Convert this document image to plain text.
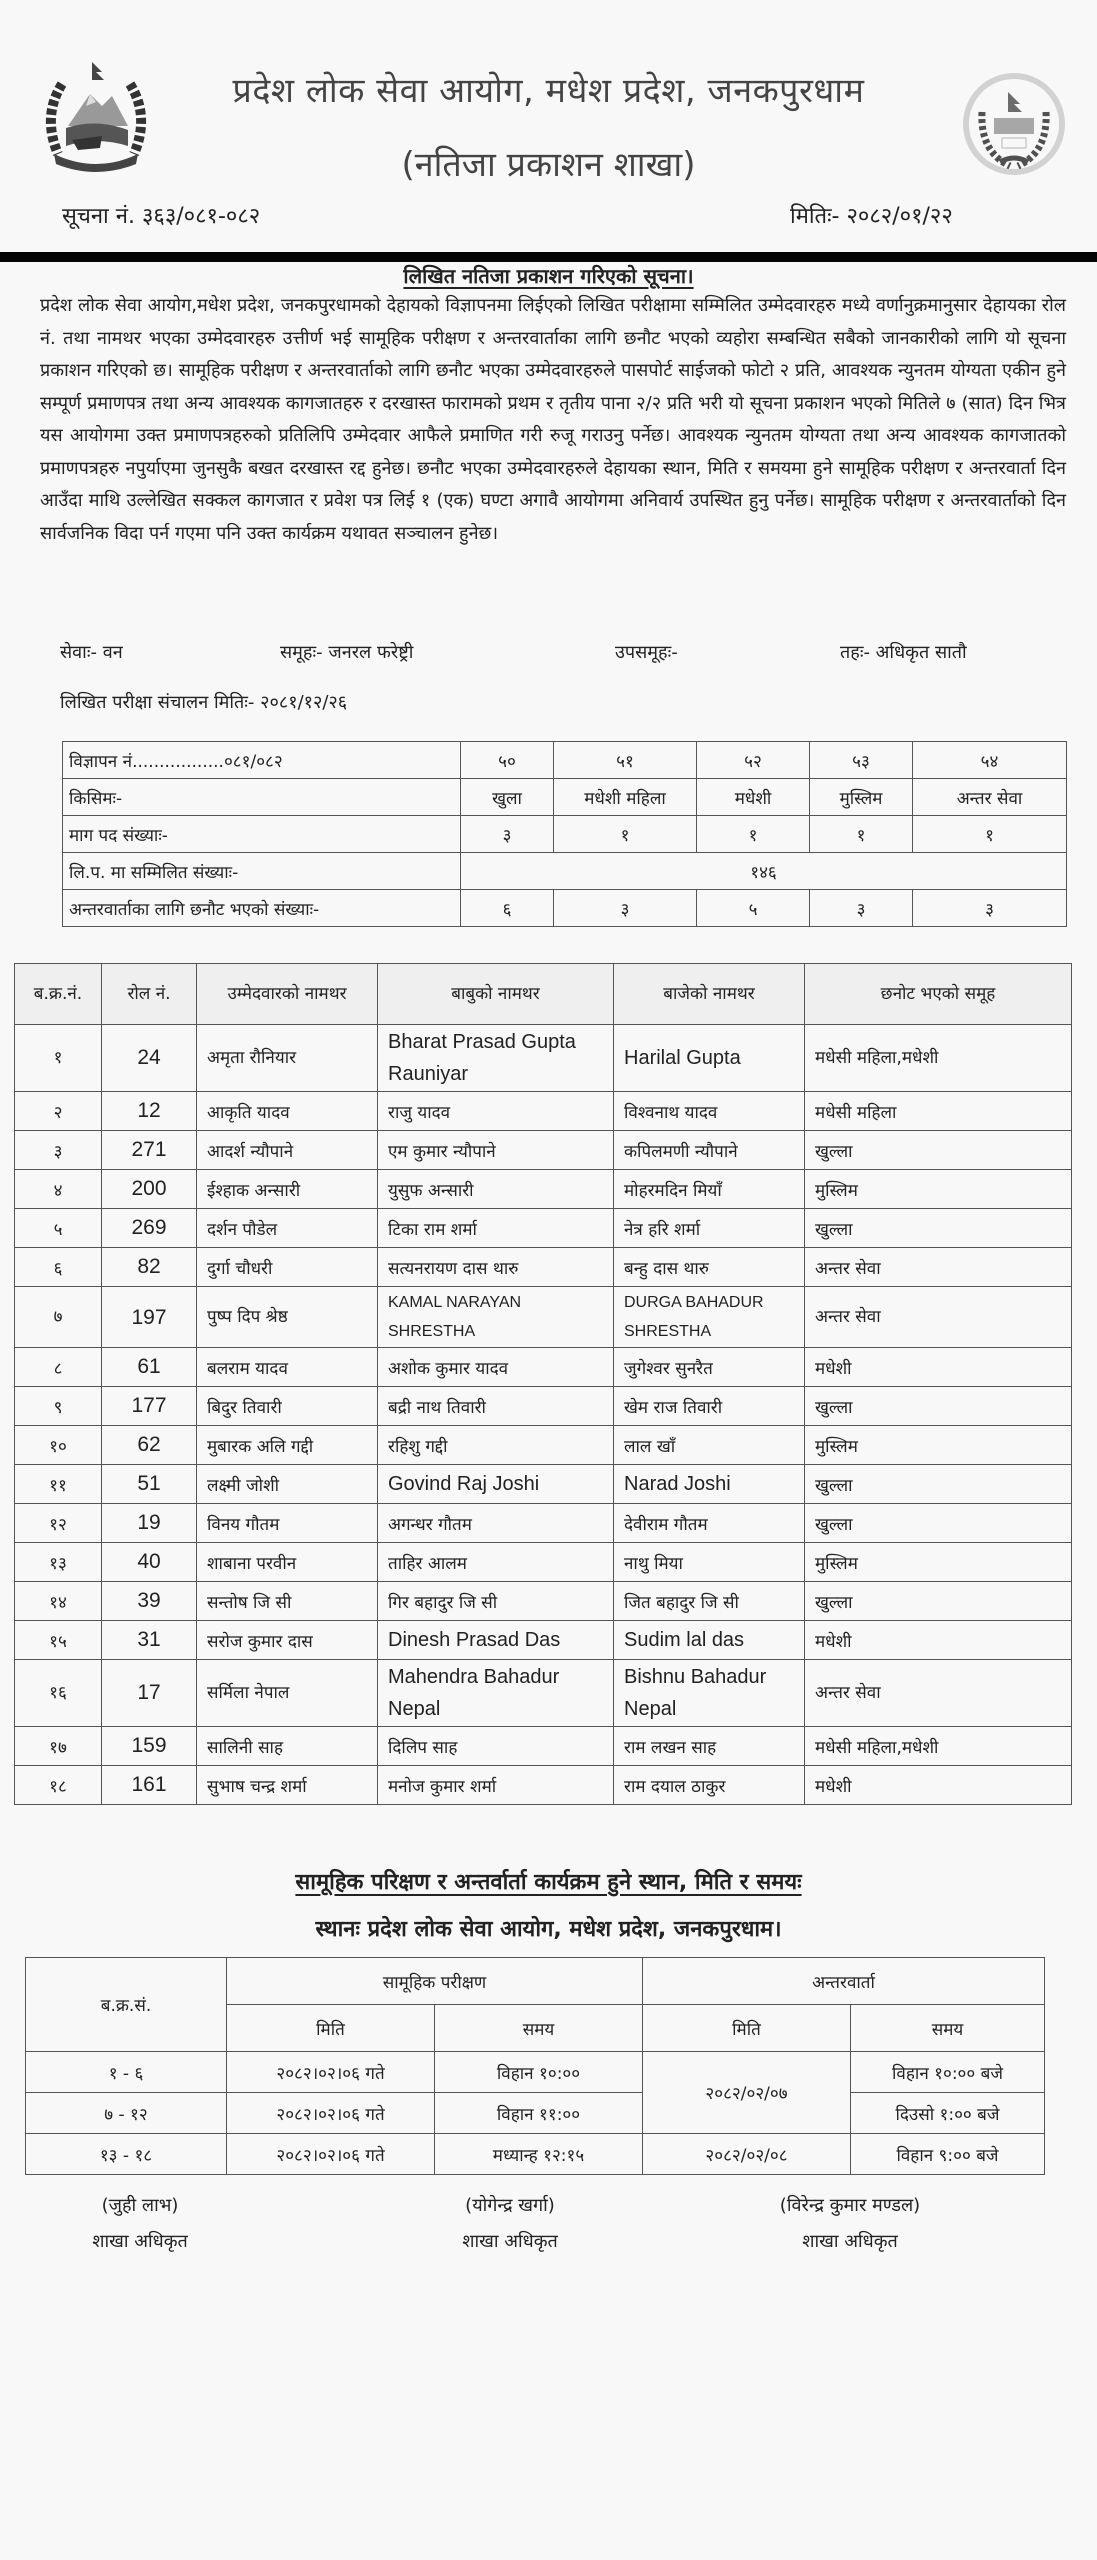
प्रदेश लोक सेवा आयोग, मधेश प्रदेश, जनकपुरधाम
(नतिजा प्रकाशन शाखा)
सूचना नं. ३६३/०८१-०८२	मितिः- २०८२/०१/२२
लिखित नतिजा प्रकाशन गरिएको सूचना।
प्रदेश लोक सेवा आयोग,मधेश प्रदेश, जनकपुरधामको देहायको विज्ञापनमा लिईएको लिखित परीक्षामा सम्मिलित उम्मेदवारहरु मध्ये वर्णानुक्रमानुसार देहायका रोल नं. तथा नामथर भएका उम्मेदवारहरु उत्तीर्ण भई सामूहिक परीक्षण र अन्तरवार्ताका लागि छनौट भएको व्यहोरा सम्बन्धित सबैको जानकारीको लागि यो सूचना प्रकाशन गरिएको छ। सामूहिक परीक्षण र अन्तरवार्ताको लागि छनौट भएका उम्मेदवारहरुले पासपोर्ट साईजको फोटो २ प्रति, आवश्यक न्युनतम योग्यता एकीन हुने सम्पूर्ण प्रमाणपत्र तथा अन्य आवश्यक कागजातहरु र दरखास्त फारामको प्रथम र तृतीय पाना २/२ प्रति भरी यो सूचना प्रकाशन भएको मितिले ७ (सात) दिन भित्र यस आयोगमा उक्त प्रमाणपत्रहरुको प्रतिलिपि उम्मेदवार आफैले प्रमाणित गरी रुजू गराउनु पर्नेछ। आवश्यक न्युनतम योग्यता तथा अन्य आवश्यक कागजातको प्रमाणपत्रहरु नपुर्याएमा जुनसुकै बखत दरखास्त रद्द हुनेछ। छनौट भएका उम्मेदवारहरुले देहायका स्थान, मिति र समयमा हुने सामूहिक परीक्षण र अन्तरवार्ता दिन आउँदा माथि उल्लेखित सक्कल कागजात र प्रवेश पत्र लिई १ (एक) घण्टा अगावै आयोगमा अनिवार्य उपस्थित हुनु पर्नेछ। सामूहिक परीक्षण र अन्तरवार्ताको दिन सार्वजनिक विदा पर्न गएमा पनि उक्त कार्यक्रम यथावत सञ्चालन हुनेछ।
सेवाः- वन	समूहः- जनरल फरेष्ट्री	उपसमूहः-	तहः- अधिकृत सातौ
लिखित परीक्षा संचालन मितिः- २०८१/१२/२६
विज्ञापन नं.................०८१/०८२	५०	५१	५२	५३	५४
किसिमः-	खुला	मधेशी महिला	मधेशी	मुस्लिम	अन्तर सेवा
माग पद संख्याः-	३	१	१	१	१
लि.प. मा सम्मिलित संख्याः-	१४६				
अन्तरवार्ताका लागि छनौट भएको संख्याः-	६	३	५	३	३
ब.क्र.नं.	रोल नं.	उम्मेदवारको नामथर	बाबुको नामथर	बाजेको नामथर	छनोट भएको समूह
१	24	अमृता रौनियार	Bharat Prasad Gupta Rauniyar	Harilal Gupta	मधेसी महिला,मधेशी
२	12	आकृति यादव	राजु यादव	विश्वनाथ यादव	मधेसी महिला
३	271	आदर्श न्यौपाने	एम कुमार न्यौपाने	कपिलमणी न्यौपाने	खुल्ला
४	200	ईश्हाक अन्सारी	युसुफ अन्सारी	मोहरमदिन मियाँ	मुस्लिम
५	269	दर्शन पौडेल	टिका राम शर्मा	नेत्र हरि शर्मा	खुल्ला
६	82	दुर्गा चौधरी	सत्यनरायण दास थारु	बन्हु दास थारु	अन्तर सेवा
७	197	पुष्प दिप श्रेष्ठ	KAMAL NARAYAN SHRESTHA	DURGA BAHADUR SHRESTHA	अन्तर सेवा
८	61	बलराम यादव	अशोक कुमार यादव	जुगेश्वर सुनरैत	मधेशी
९	177	बिदुर तिवारी	बद्री नाथ तिवारी	खेम राज तिवारी	खुल्ला
१०	62	मुबारक अलि गद्दी	रहिशु गद्दी	लाल खाँ	मुस्लिम
११	51	लक्ष्मी जोशी	Govind Raj Joshi	Narad Joshi	खुल्ला
१२	19	विनय गौतम	अगन्धर गौतम	देवीराम गौतम	खुल्ला
१३	40	शाबाना परवीन	ताहिर आलम	नाथु मिया	मुस्लिम
१४	39	सन्तोष जि सी	गिर बहादुर जि सी	जित बहादुर जि सी	खुल्ला
१५	31	सरोज कुमार दास	Dinesh Prasad Das	Sudim lal das	मधेशी
१६	17	सर्मिला नेपाल	Mahendra Bahadur Nepal	Bishnu Bahadur Nepal	अन्तर सेवा
१७	159	सालिनी साह	दिलिप साह	राम लखन साह	मधेसी महिला,मधेशी
१८	161	सुभाष चन्द्र शर्मा	मनोज कुमार शर्मा	राम दयाल ठाकुर	मधेशी
सामूहिक परिक्षण र अन्तर्वार्ता कार्यक्रम हुने स्थान, मिति र समयः
स्थानः प्रदेश लोक सेवा आयोग, मधेश प्रदेश, जनकपुरधाम।
ब.क्र.सं.	सामूहिक परीक्षण		अन्तरवार्ता	
	मिति	समय	मिति	समय
१ - ६	२०८२।०२।०६ गते	विहान १०:००	२०८२/०२/०७	विहान १०:०० बजे
७ - १२	२०८२।०२।०६ गते	विहान ११:००		दिउसो १:०० बजे
१३ - १८	२०८२।०२।०६ गते	मध्यान्ह १२:१५	२०८२/०२/०८	विहान ९:०० बजे
(जुही लाभ)
शाखा अधिकृत
(योगेन्द्र खर्गा)
शाखा अधिकृत
(विरेन्द्र कुमार मण्डल)
शाखा अधिकृत
